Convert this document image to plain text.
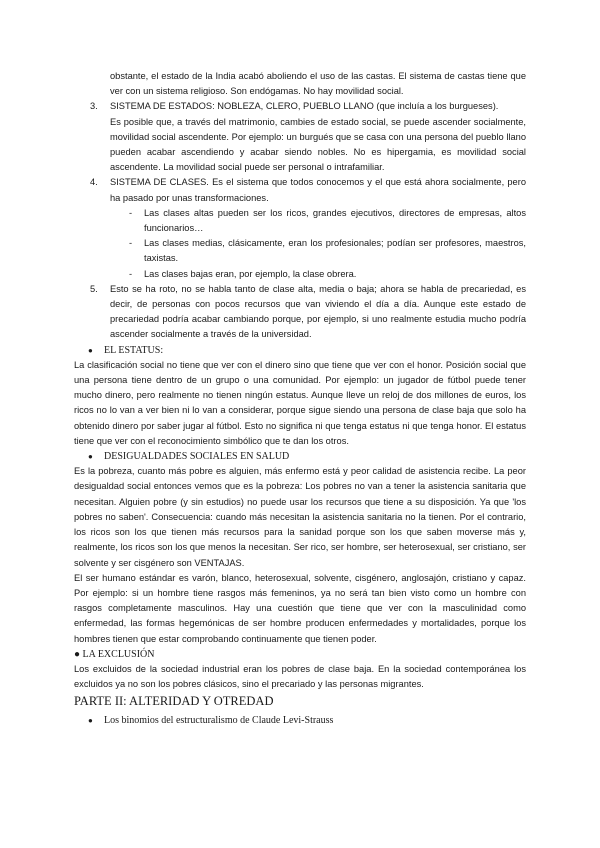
obstante, el estado de la India acabó aboliendo el uso de las castas. El sistema de castas tiene que ver con un sistema religioso. Son endógamas. No hay movilidad social.

3. SISTEMA DE ESTADOS: NOBLEZA, CLERO, PUEBLO LLANO (que incluía a los burgueses).

Es posible que, a través del matrimonio, cambies de estado social, se puede ascender socialmente, movilidad social ascendente. Por ejemplo: un burgués que se casa con una persona del pueblo llano pueden acabar ascendiendo y acabar siendo nobles. No es hipergamia, es movilidad social ascendente. La movilidad social puede ser personal o intrafamiliar.

4. SISTEMA DE CLASES. Es el sistema que todos conocemos y el que está ahora socialmente, pero ha pasado por unas transformaciones.

- Las clases altas pueden ser los ricos, grandes ejecutivos, directores de empresas, altos funcionarios…

- Las clases medias, clásicamente, eran los profesionales; podían ser profesores, maestros, taxistas.

- Las clases bajas eran, por ejemplo, la clase obrera.

5. Esto se ha roto, no se habla tanto de clase alta, media o baja; ahora se habla de precariedad, es decir, de personas con pocos recursos que van viviendo el día a día. Aunque este estado de precariedad podría acabar cambiando porque, por ejemplo, si uno realmente estudia mucho podría ascender socialmente a través de la universidad.

● EL ESTATUS:

La clasificación social no tiene que ver con el dinero sino que tiene que ver con el honor. Posición social que una persona tiene dentro de un grupo o una comunidad. Por ejemplo: un jugador de fútbol puede tener mucho dinero, pero realmente no tienen ningún estatus. Aunque lleve un reloj de dos millones de euros, los ricos no lo van a ver bien ni lo van a considerar, porque sigue siendo una persona de clase baja que solo ha obtenido dinero por saber jugar al fútbol. Esto no significa ni que tenga estatus ni que tenga honor. El estatus tiene que ver con el reconocimiento simbólico que te dan los otros.

● DESIGUALDADES SOCIALES EN SALUD

Es la pobreza, cuanto más pobre es alguien, más enfermo está y peor calidad de asistencia recibe. La peor desigualdad social entonces vemos que es la pobreza: Los pobres no van a tener la asistencia sanitaria que necesitan. Alguien pobre (y sin estudios) no puede usar los recursos que tiene a su disposición. Ya que 'los pobres no saben'. Consecuencia: cuando más necesitan la asistencia sanitaria no la tienen. Por el contrario, los ricos son los que tienen más recursos para la sanidad porque son los que saben moverse más y, realmente, los ricos son los que menos la necesitan. Ser rico, ser hombre, ser heterosexual, ser cristiano, ser solvente y ser cisgénero son VENTAJAS.

El ser humano estándar es varón, blanco, heterosexual, solvente, cisgénero, anglosajón, cristiano y capaz. Por ejemplo: si un hombre tiene rasgos más femeninos, ya no será tan bien visto como un hombre con rasgos completamente masculinos. Hay una cuestión que tiene que ver con la masculinidad como enfermedad, las formas hegemónicas de ser hombre producen enfermedades y mortalidades, porque los hombres tienen que estar comprobando continuamente que tienen poder.

● LA EXCLUSIÓN

Los excluidos de la sociedad industrial eran los pobres de clase baja. En la sociedad contemporánea los excluidos ya no son los pobres clásicos, sino el precariado y las personas migrantes.

PARTE II: ALTERIDAD Y OTREDAD

● Los binomios del estructuralismo de Claude Levi-Strauss
